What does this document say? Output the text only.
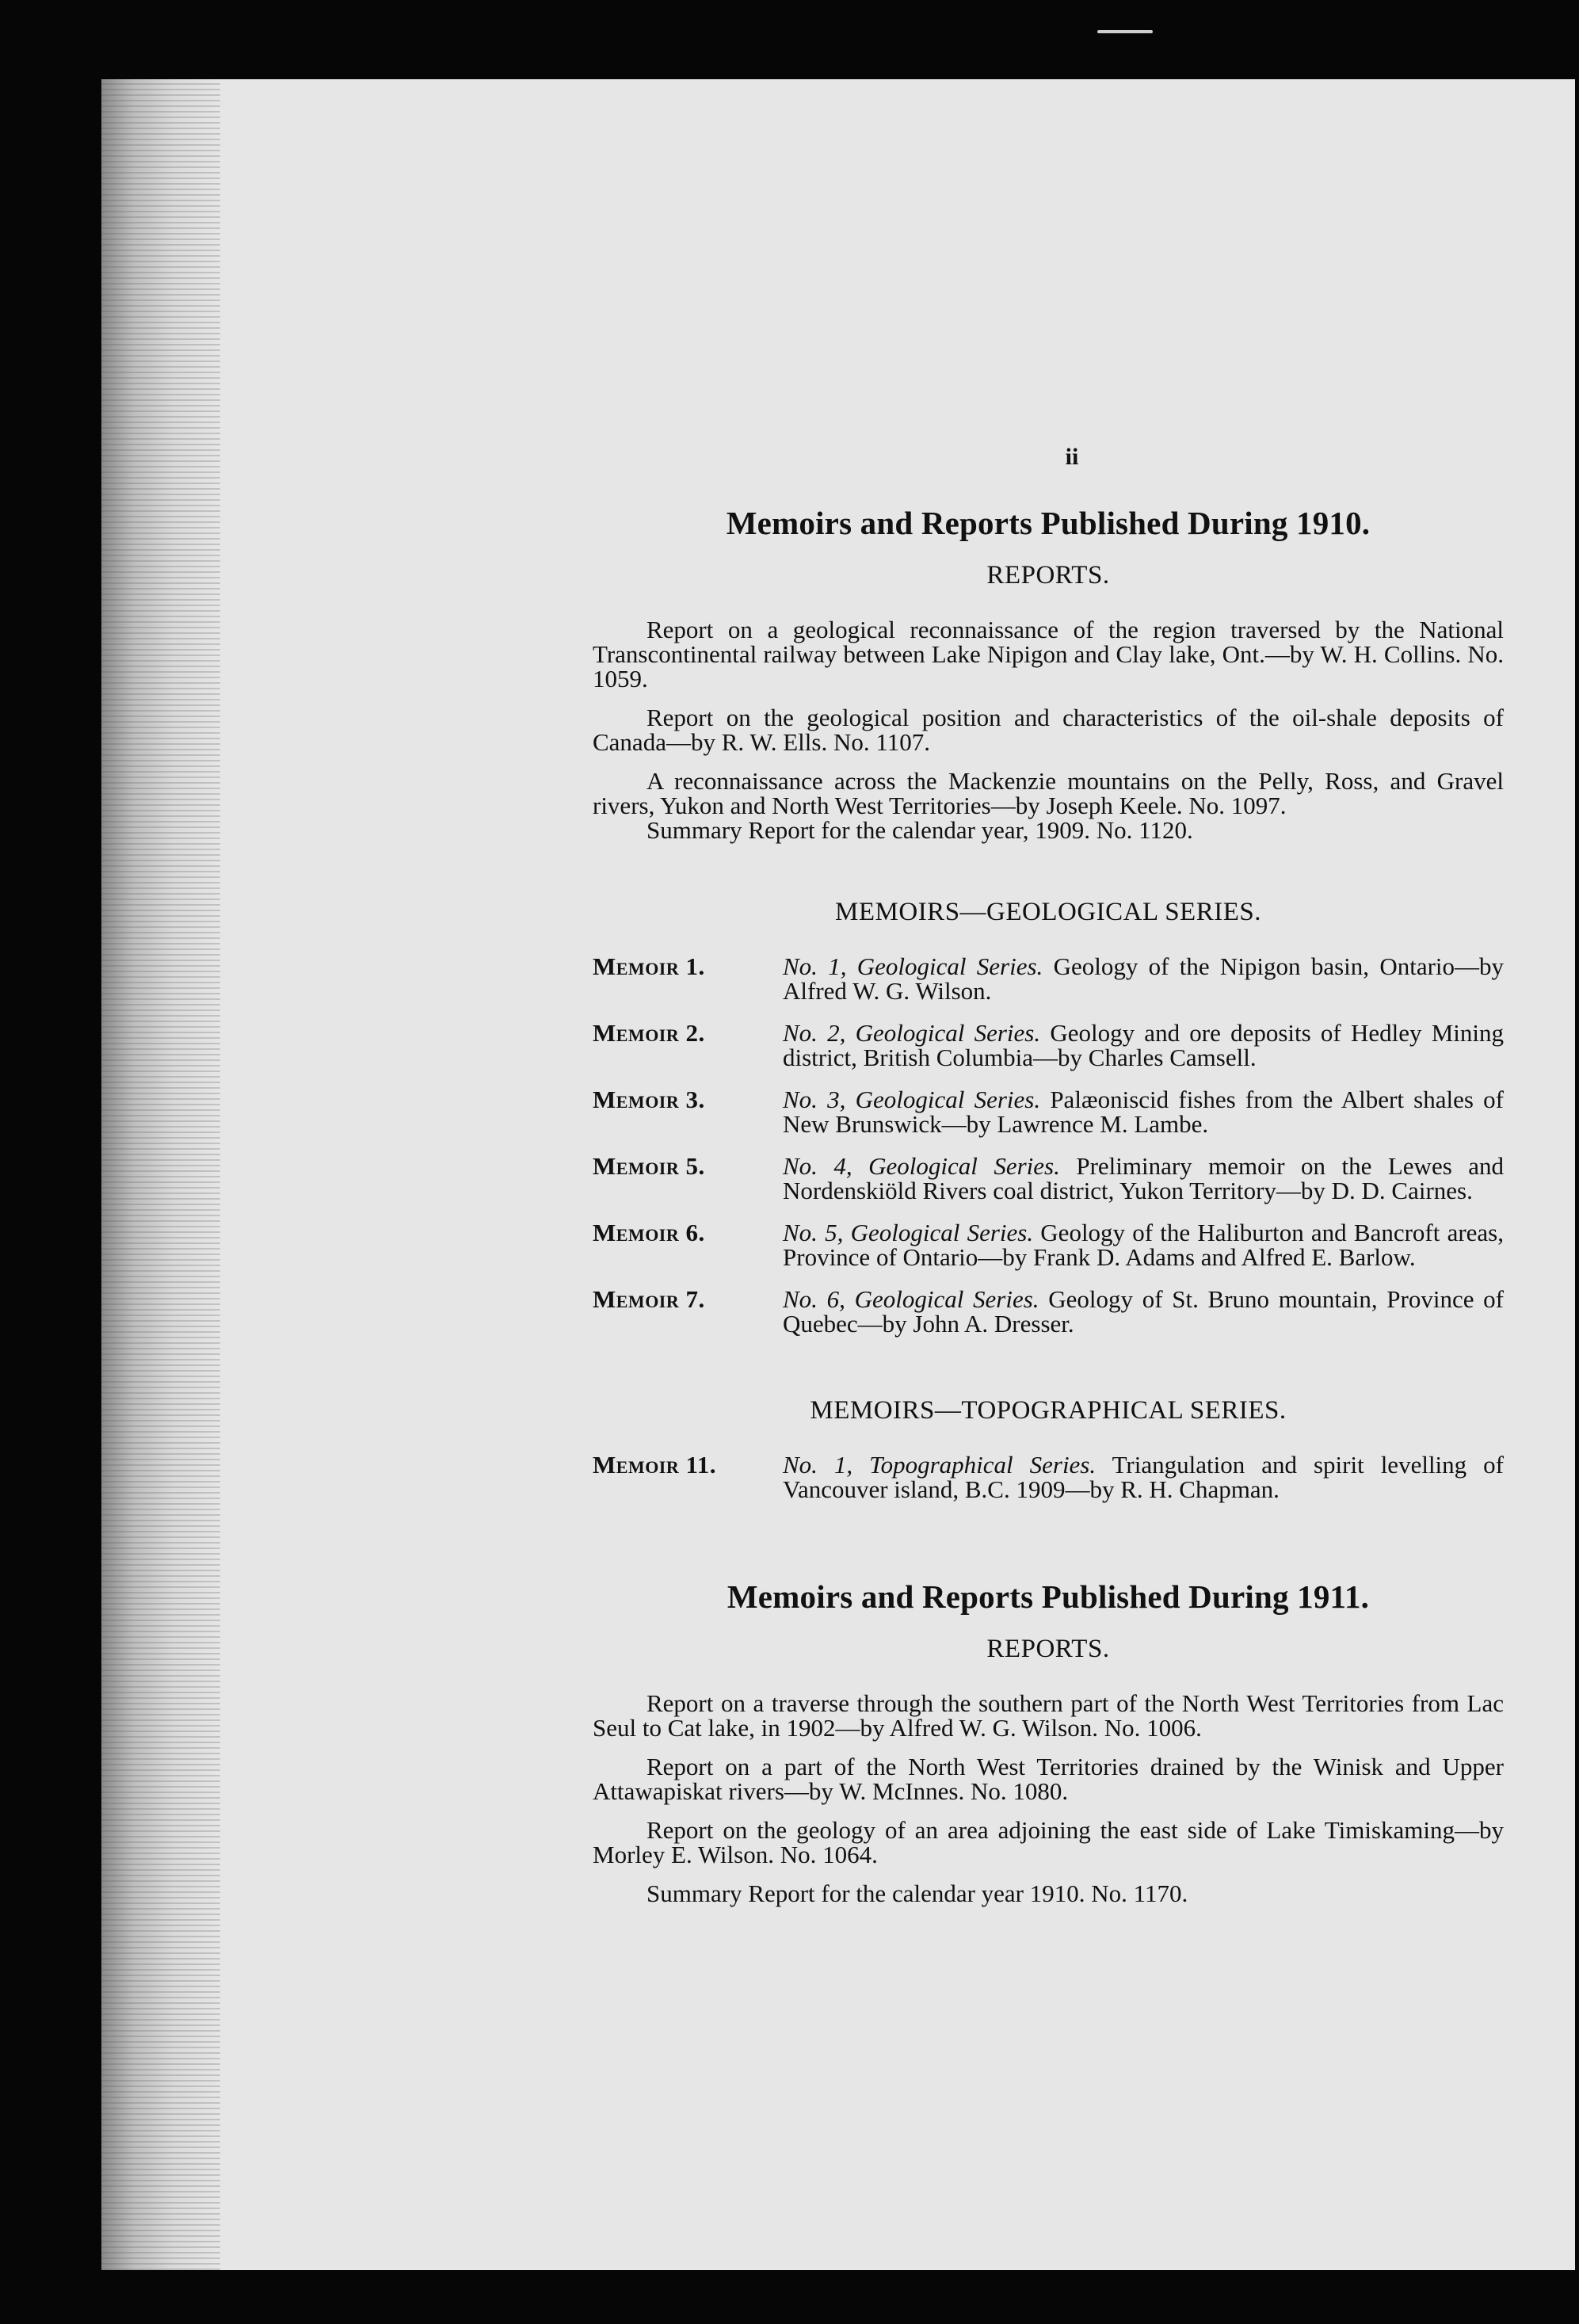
ii
Memoirs and Reports Published During 1910.
REPORTS.

Report on a geological reconnaissance of the region traversed by the National Transcontinental railway between Lake Nipigon and Clay lake, Ont.—by W. H. Collins. No. 1059.

Report on the geological position and characteristics of the oil-shale deposits of Canada—by R. W. Ells. No. 1107.

A reconnaissance across the Mackenzie mountains on the Pelly, Ross, and Gravel rivers, Yukon and North West Territories—by Joseph Keele. No. 1097.

Summary Report for the calendar year, 1909. No. 1120.

MEMOIRS—GEOLOGICAL SERIES.
Memoir 1.	No. 1, Geological Series. Geology of the Nipigon basin, Ontario—by Alfred W. G. Wilson.
Memoir 2.	No. 2, Geological Series. Geology and ore deposits of Hedley Mining district, British Columbia—by Charles Camsell.
Memoir 3.	No. 3, Geological Series. Palæoniscid fishes from the Albert shales of New Brunswick—by Lawrence M. Lambe.
Memoir 5.	No. 4, Geological Series. Preliminary memoir on the Lewes and Nordenskiöld Rivers coal district, Yukon Territory—by D. D. Cairnes.
Memoir 6.	No. 5, Geological Series. Geology of the Haliburton and Bancroft areas, Province of Ontario—by Frank D. Adams and Alfred E. Barlow.
Memoir 7.	No. 6, Geological Series. Geology of St. Bruno mountain, Province of Quebec—by John A. Dresser.
MEMOIRS—TOPOGRAPHICAL SERIES.
Memoir 11.	No. 1, Topographical Series. Triangulation and spirit levelling of Vancouver island, B.C. 1909—by R. H. Chapman.
Memoirs and Reports Published During 1911.
REPORTS.

Report on a traverse through the southern part of the North West Territories from Lac Seul to Cat lake, in 1902—by Alfred W. G. Wilson. No. 1006.

Report on a part of the North West Territories drained by the Winisk and Upper Attawapiskat rivers—by W. McInnes. No. 1080.

Report on the geology of an area adjoining the east side of Lake Timiskaming—by Morley E. Wilson. No. 1064.

Summary Report for the calendar year 1910. No. 1170.
